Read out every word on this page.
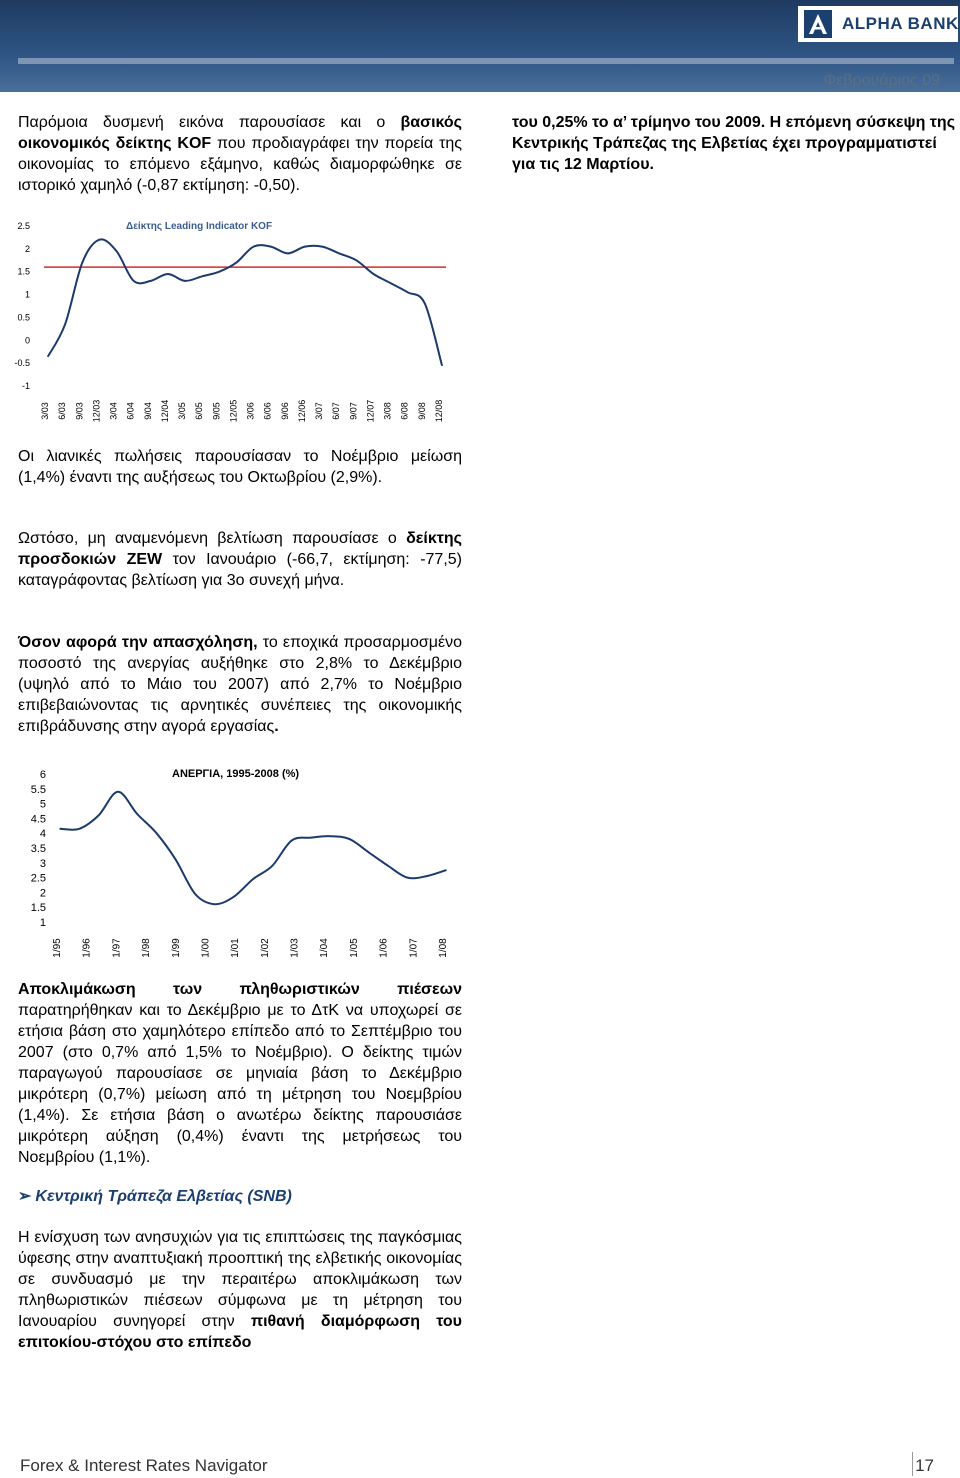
ALPHA BANK
Φεβρουάριος 09
Παρόμοια δυσμενή εικόνα παρουσίασε και ο βασικός οικονομικός δείκτης KOF που προδιαγράφει την πορεία της οικονομίας το επόμενο εξάμηνο, καθώς διαμορφώθηκε σε ιστορικό χαμηλό (-0,87 εκτίμηση: -0,50).
του 0,25% το α’ τρίμηνο του 2009. Η επόμενη σύσκεψη της Κεντρικής Τράπεζας της Ελβετίας έχει προγραμματιστεί για τις 12 Μαρτίου.
2.5
2
1.5
1
0.5
0
-0.5
-1
3/03 6/03 9/03 12/03 3/04 6/04 9/04 12/04 3/05 6/05 9/05 12/05 3/06 6/06 9/06 12/06 3/07 6/07 9/07 12/07 3/08 6/08 9/08 12/08
Δείκτης Leading Indicator KOF
Οι λιανικές πωλήσεις παρουσίασαν το Νοέμβριο μείωση (1,4%) έναντι της αυξήσεως του Οκτωβρίου (2,9%).
Ωστόσο, μη αναμενόμενη βελτίωση παρουσίασε ο δείκτης προσδοκιών ZEW τον Ιανουάριο (-66,7, εκτίμηση: -77,5) καταγράφοντας βελτίωση για 3ο συνεχή μήνα.
Όσον αφορά την απασχόληση, το εποχικά προσαρμοσμένο ποσοστό της ανεργίας αυξήθηκε στο 2,8% το Δεκέμβριο (υψηλό από το Μάιο του 2007) από 2,7% το Νοέμβριο επιβεβαιώνοντας τις αρνητικές συνέπειες της οικονομικής επιβράδυνσης στην αγορά εργασίας.
6
5.5
5
4.5
4
3.5
3
2.5
2
1.5
1
1/95 1/96 1/97 1/98 1/99 1/00 1/01 1/02 1/03 1/04 1/05 1/06 1/07 1/08
ΑΝΕΡΓΙΑ, 1995-2008 (%)
Αποκλιμάκωση των πληθωριστικών πιέσεων παρατηρήθηκαν και το Δεκέμβριο με το ΔτΚ να υποχωρεί σε ετήσια βάση στο χαμηλότερο επίπεδο από το Σεπτέμβριο του 2007 (στο 0,7% από 1,5% το Νοέμβριο). Ο δείκτης τιμών παραγωγού παρουσίασε σε μηνιαία βάση το Δεκέμβριο μικρότερη (0,7%) μείωση από τη μέτρηση του Νοεμβρίου (1,4%). Σε ετήσια βάση ο ανωτέρω δείκτης παρουσιάσε μικρότερη αύξηση (0,4%) έναντι της μετρήσεως του Νοεμβρίου (1,1%).
➢ Κεντρική Τράπεζα Ελβετίας (SNB)
Η ενίσχυση των ανησυχιών για τις επιπτώσεις της παγκόσμιας ύφεσης στην αναπτυξιακή προοπτική της ελβετικής οικονομίας σε συνδυασμό με την περαιτέρω αποκλιμάκωση των πληθωριστικών πιέσεων σύμφωνα με τη μέτρηση του Ιανουαρίου συνηγορεί στην πιθανή διαμόρφωση του επιτοκίου-στόχου στο επίπεδο
Forex & Interest Rates Navigator	17
